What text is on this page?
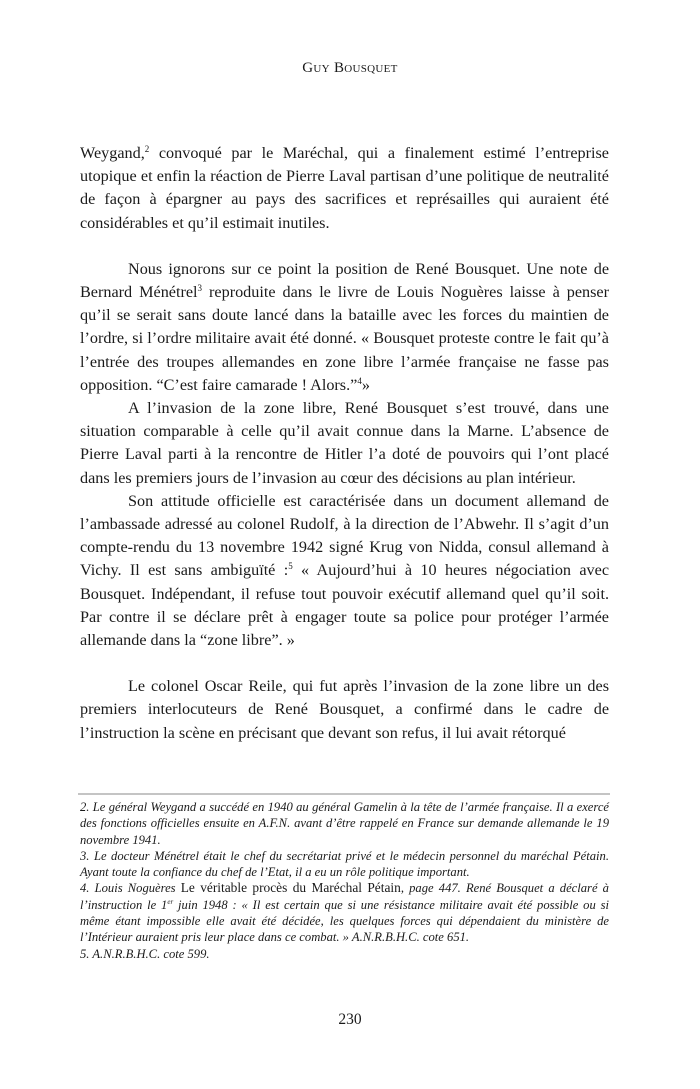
Guy Bousquet

Weygand,$^2$ convoqué par le Maréchal, qui a finalement estimé l’entreprise utopique et enfin la réaction de Pierre Laval partisan d’une politique de neutralité de façon à épargner au pays des sacrifices et représailles qui auraient été considérables et qu’il estimait inutiles.

Nous ignorons sur ce point la position de René Bousquet. Une note de Bernard Ménétrel$^3$ reproduite dans le livre de Louis Noguères laisse à penser qu’il se serait sans doute lancé dans la bataille avec les forces du maintien de l’ordre, si l’ordre militaire avait été donné. « Bousquet proteste contre le fait qu’à l’entrée des troupes allemandes en zone libre l’armée française ne fasse pas opposition. “C’est faire camarade ! Alors.”$^4$»

A l’invasion de la zone libre, René Bousquet s’est trouvé, dans une situation comparable à celle qu’il avait connue dans la Marne. L’absence de Pierre Laval parti à la rencontre de Hitler l’a doté de pouvoirs qui l’ont placé dans les premiers jours de l’invasion au cœur des décisions au plan intérieur.

Son attitude officielle est caractérisée dans un document allemand de l’ambassade adressé au colonel Rudolf, à la direction de l’Abwehr. Il s’agit d’un compte-rendu du 13 novembre 1942 signé Krug von Nidda, consul allemand à Vichy. Il est sans ambiguïté :$^5$ « Aujourd’hui à 10 heures négociation avec Bousquet. Indépendant, il refuse tout pouvoir exécutif allemand quel qu’il soit. Par contre il se déclare prêt à engager toute sa police pour protéger l’armée allemande dans la “zone libre”. »

Le colonel Oscar Reile, qui fut après l’invasion de la zone libre un des premiers interlocuteurs de René Bousquet, a confirmé dans le cadre de l’instruction la scène en précisant que devant son refus, il lui avait rétorqué

2. Le général Weygand a succédé en 1940 au général Gamelin à la tête de l’armée française. Il a exercé des fonctions officielles ensuite en A.F.N. avant d’être rappelé en France sur demande allemande le 19 novembre 1941.

3. Le docteur Ménétrel était le chef du secrétariat privé et le médecin personnel du maréchal Pétain. Ayant toute la confiance du chef de l’Etat, il a eu un rôle politique important.

4. Louis Noguères Le véritable procès du Maréchal Pétain, page 447. René Bousquet a déclaré à l’instruction le 1er juin 1948 : « Il est certain que si une résistance militaire avait été possible ou si même étant impossible elle avait été décidée, les quelques forces qui dépendaient du ministère de l’Intérieur auraient pris leur place dans ce combat. » A.N.R.B.H.C. cote 651.

5. A.N.R.B.H.C. cote 599.

230
